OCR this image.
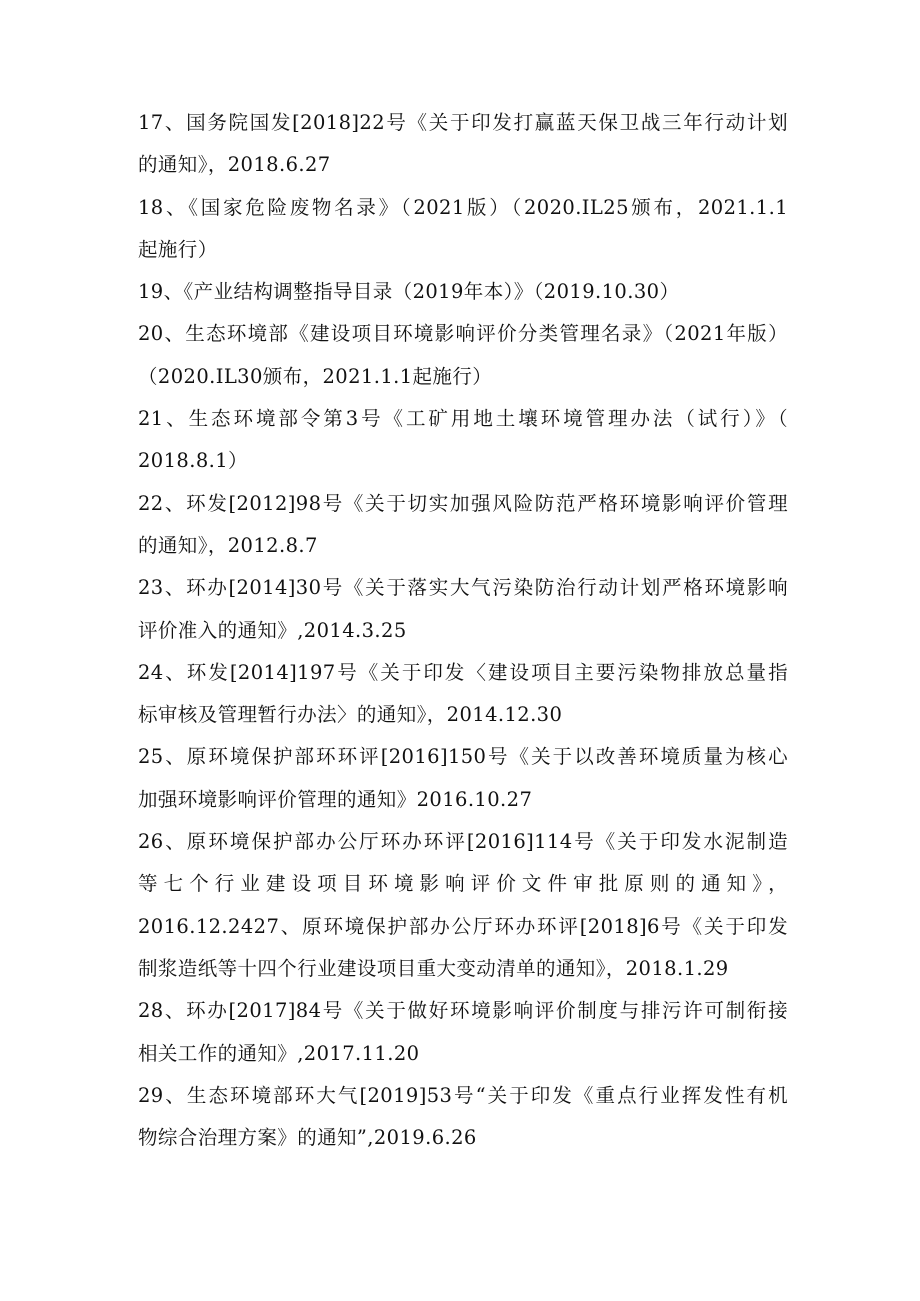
17、国务院国发[2018]22号《关于印发打赢蓝天保卫战三年行动计划
的通知》，2018.6.27
18、《国家危险废物名录》（2021版）（2020.IL25颁布，2021.1.1
起施行）
19、《产业结构调整指导目录（2019年本）》（2019.10.30）
20、生态环境部《建设项目环境影响评价分类管理名录》（2021年版）
（2020.IL30颁布，2021.1.1起施行）
21、生态环境部令第3号《工矿用地土壤环境管理办法（试行）》（
2018.8.1）
22、环发[2012]98号《关于切实加强风险防范严格环境影响评价管理
的通知》，2012.8.7
23、环办[2014]30号《关于落实大气污染防治行动计划严格环境影响
评价准入的通知》,2014.3.25
24、环发[2014]197号《关于印发〈建设项目主要污染物排放总量指
标审核及管理暂行办法〉的通知》，2014.12.30
25、原环境保护部环环评[2016]150号《关于以改善环境质量为核心
加强环境影响评价管理的通知》2016.10.27
26、原环境保护部办公厅环办环评[2016]114号《关于印发水泥制造
等七个行业建设项目环境影响评价文件审批原则的通知》，
2016.12.2427、原环境保护部办公厅环办环评[2018]6号《关于印发
制浆造纸等十四个行业建设项目重大变动清单的通知》，2018.1.29
28、环办[2017]84号《关于做好环境影响评价制度与排污许可制衔接
相关工作的通知》,2017.11.20
29、生态环境部环大气[2019]53号“关于印发《重点行业挥发性有机
物综合治理方案》的通知”,2019.6.26
